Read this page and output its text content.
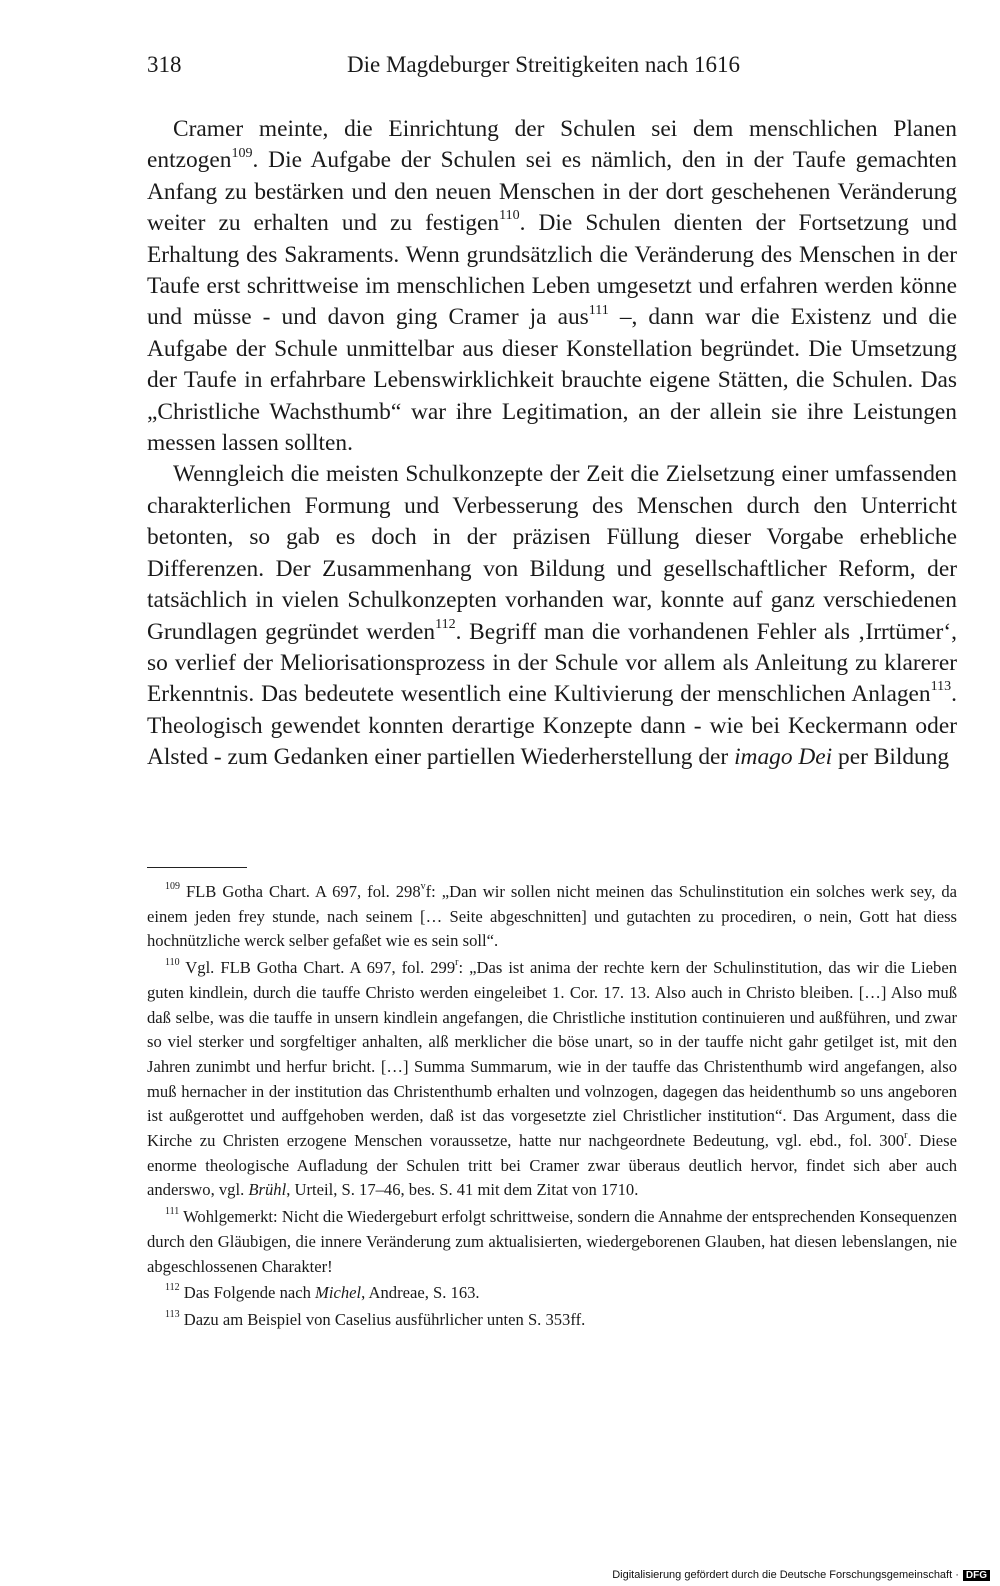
318	Die Magdeburger Streitigkeiten nach 1616

Cramer meinte, die Einrichtung der Schulen sei dem menschlichen Planen entzogen$^{109}$. Die Aufgabe der Schulen sei es nämlich, den in der Taufe gemachten Anfang zu bestärken und den neuen Menschen in der dort geschehenen Veränderung weiter zu erhalten und zu festigen$^{110}$. Die Schulen dienten der Fortsetzung und Erhaltung des Sakraments. Wenn grundsätzlich die Veränderung des Menschen in der Taufe erst schrittweise im menschlichen Leben umgesetzt und erfahren werden könne und müsse - und davon ging Cramer ja aus$^{111}$ –, dann war die Existenz und die Aufgabe der Schule unmittelbar aus dieser Konstellation begründet. Die Umsetzung der Taufe in erfahrbare Lebenswirklichkeit brauchte eigene Stätten, die Schulen. Das „Christliche Wachsthumb“ war ihre Legitimation, an der allein sie ihre Leistungen messen lassen sollten.

Wenngleich die meisten Schulkonzepte der Zeit die Zielsetzung einer umfassenden charakterlichen Formung und Verbesserung des Menschen durch den Unterricht betonten, so gab es doch in der präzisen Füllung dieser Vorgabe erhebliche Differenzen. Der Zusammenhang von Bildung und gesellschaftlicher Reform, der tatsächlich in vielen Schulkonzepten vorhanden war, konnte auf ganz verschiedenen Grundlagen gegründet werden$^{112}$. Begriff man die vorhandenen Fehler als ‚Irrtümer‘, so verlief der Meliorisationsprozess in der Schule vor allem als Anleitung zu klarerer Erkenntnis. Das bedeutete wesentlich eine Kultivierung der menschlichen Anlagen$^{113}$. Theologisch gewendet konnten derartige Konzepte dann - wie bei Keckermann oder Alsted - zum Gedanken einer partiellen Wiederherstellung der imago Dei per Bildung

$^{109}$ FLB Gotha Chart. A 697, fol. 298$^v$f: „Dan wir sollen nicht meinen das Schulinstitution ein solches werk sey, da einem jeden frey stunde, nach seinem [… Seite abgeschnitten] und gutachten zu procediren, o nein, Gott hat diess hochnützliche werck selber gefaßet wie es sein soll“.

$^{110}$ Vgl. FLB Gotha Chart. A 697, fol. 299$^r$: „Das ist anima der rechte kern der Schulinstitution, das wir die Lieben guten kindlein, durch die tauffe Christo werden eingeleibet 1. Cor. 17. 13. Also auch in Christo bleiben. […] Also muß daß selbe, was die tauffe in unsern kindlein angefangen, die Christliche institution continuieren und außführen, und zwar so viel sterker und sorgfeltiger anhalten, alß merklicher die böse unart, so in der tauffe nicht gahr getilget ist, mit den Jahren zunimbt und herfur bricht. […] Summa Summarum, wie in der tauffe das Christenthumb wird angefangen, also muß hernacher in der institution das Christenthumb erhalten und volnzogen, dagegen das heidenthumb so uns angeboren ist außgerottet und auffgehoben werden, daß ist das vorgesetzte ziel Christlicher institution“. Das Argument, dass die Kirche zu Christen erzogene Menschen voraussetze, hatte nur nachgeordnete Bedeutung, vgl. ebd., fol. 300$^r$. Diese enorme theologische Aufladung der Schulen tritt bei Cramer zwar überaus deutlich hervor, findet sich aber auch anderswo, vgl. Brühl, Urteil, S. 17–46, bes. S. 41 mit dem Zitat von 1710.

$^{111}$ Wohlgemerkt: Nicht die Wiedergeburt erfolgt schrittweise, sondern die Annahme der entsprechenden Konsequenzen durch den Gläubigen, die innere Veränderung zum aktualisierten, wiedergeborenen Glauben, hat diesen lebenslangen, nie abgeschlossenen Charakter!

$^{112}$ Das Folgende nach Michel, Andreae, S. 163.

$^{113}$ Dazu am Beispiel von Caselius ausführlicher unten S. 353ff.

Digitalisierung gefördert durch die Deutsche Forschungsgemeinschaft · DFG
